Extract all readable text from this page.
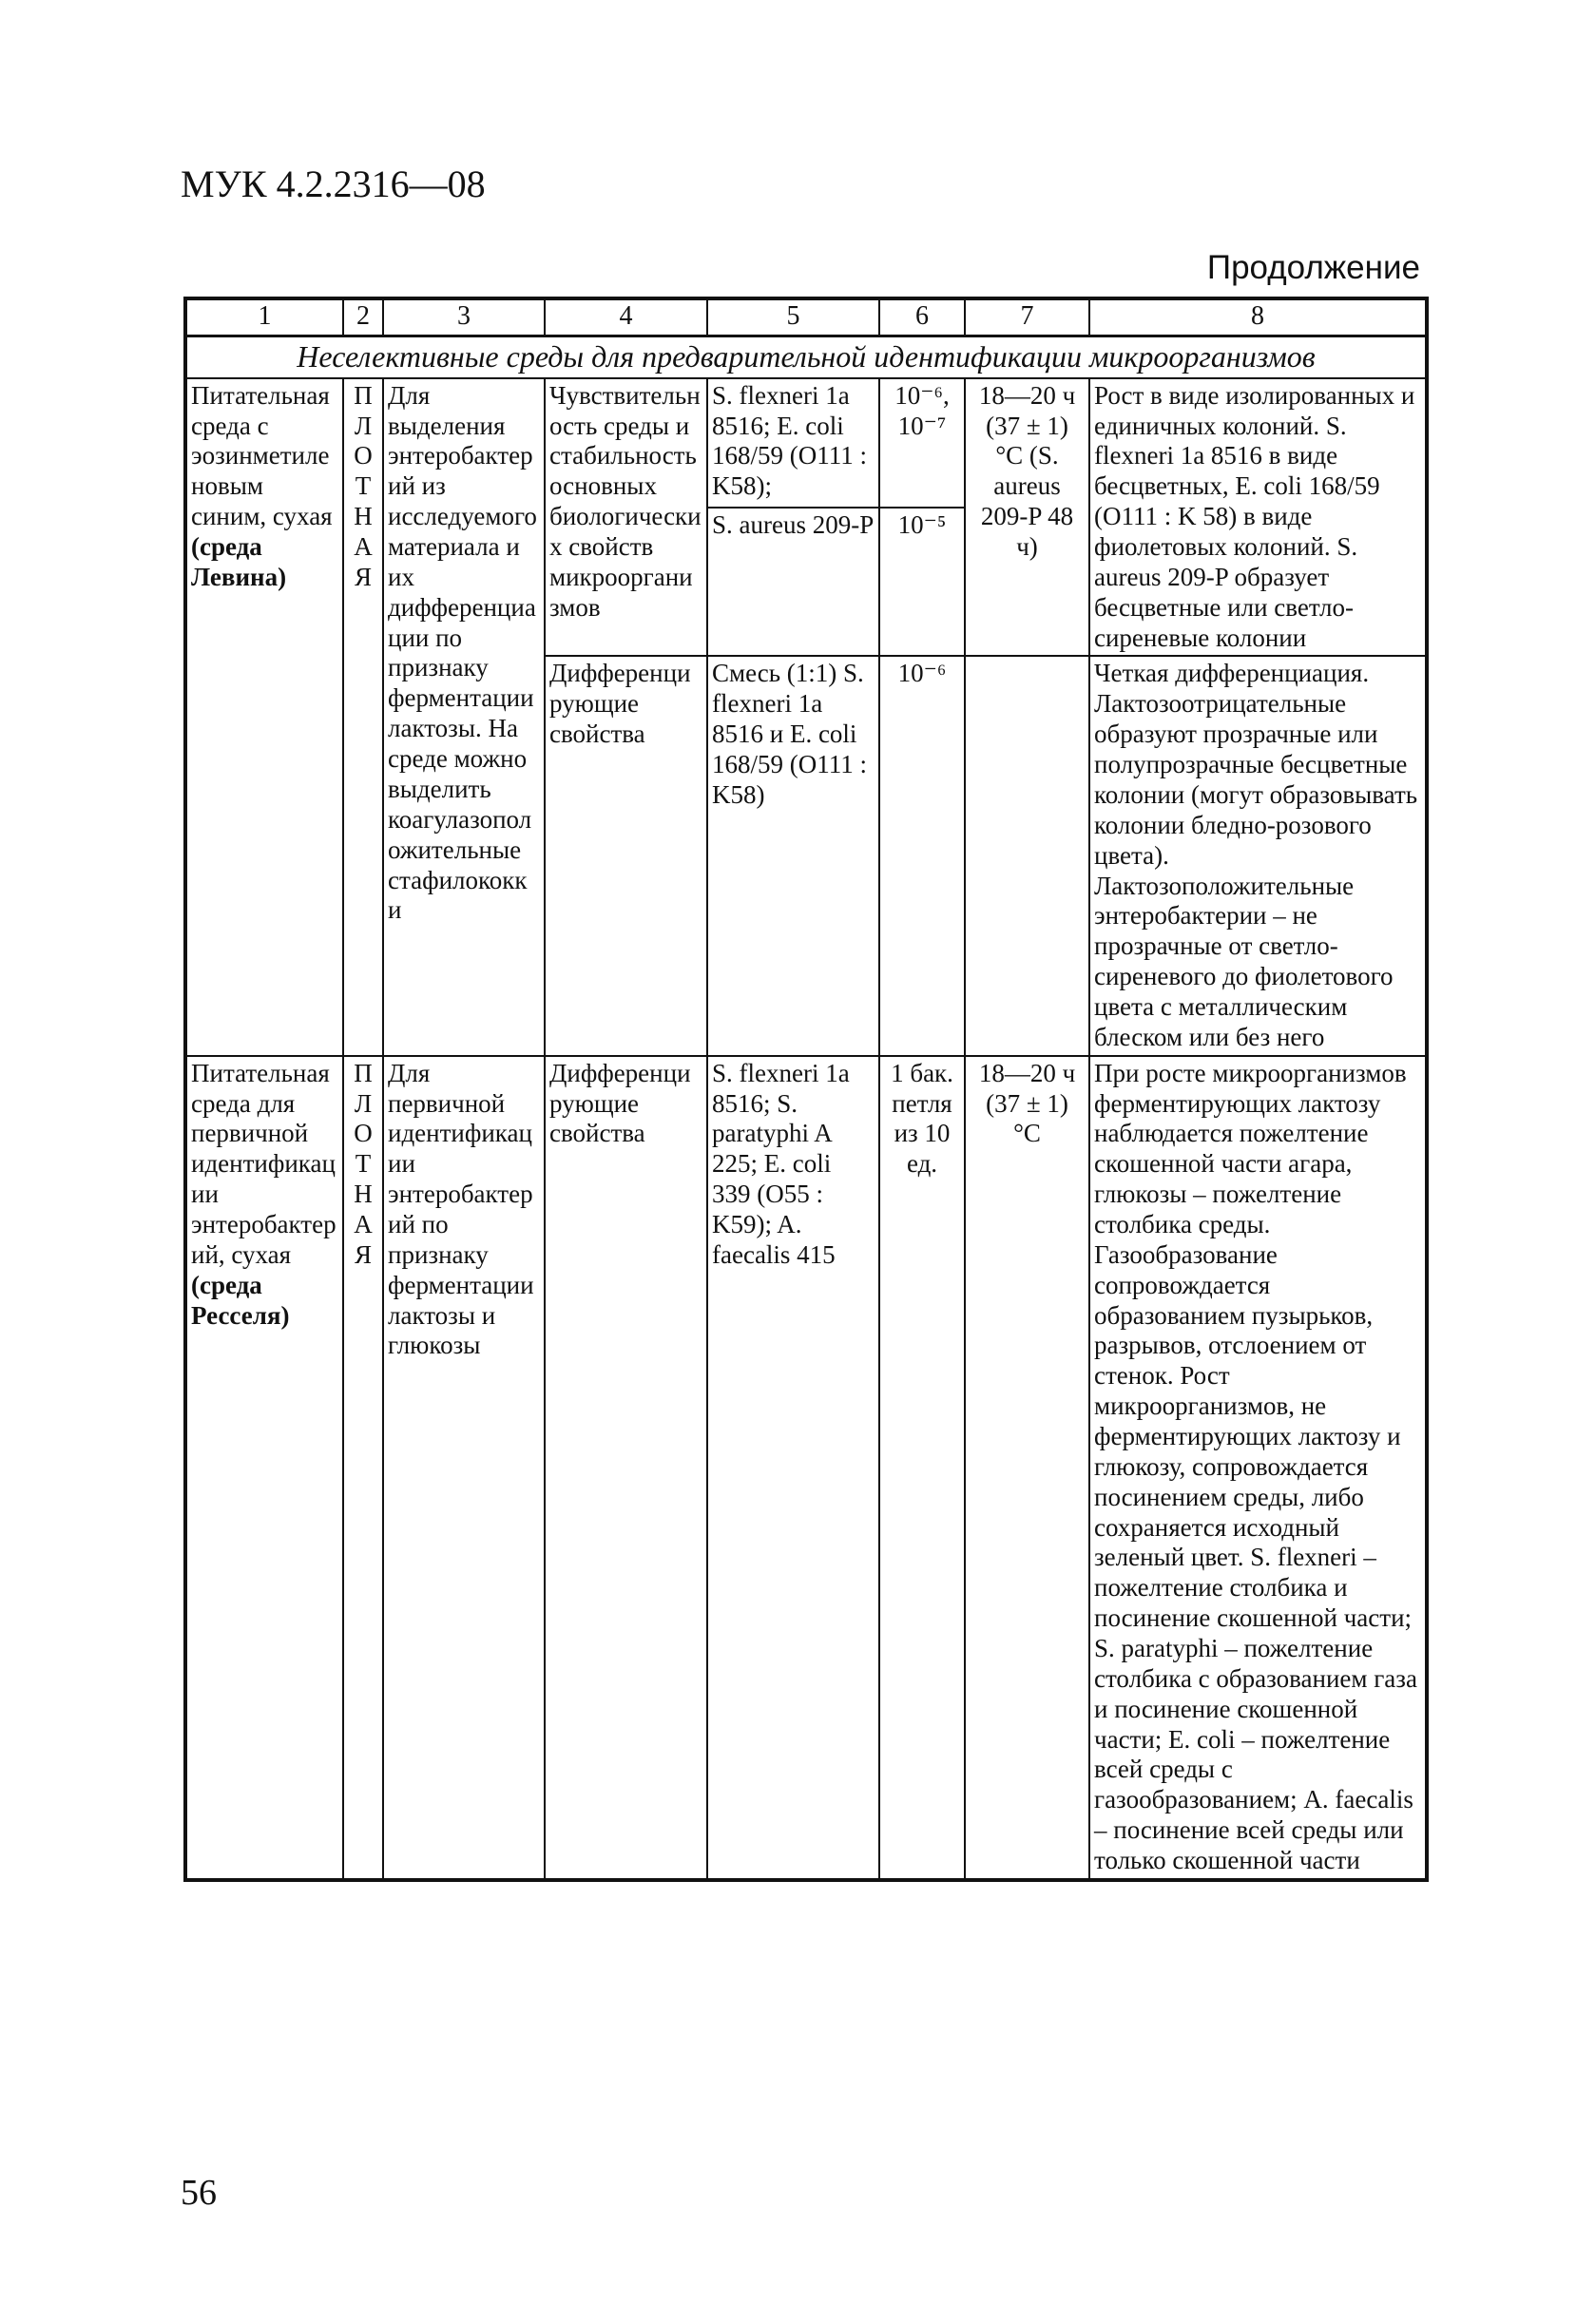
МУК 4.2.2316—08
Продолжение
1	2	3	4	5	6	7	8
Неселективные среды для предварительной идентификации микроорганизмов							
Питательная среда с эозинметиленовым синим, сухая (среда Левина)	П Л О Т Н А Я	Для выделения энтеробактерий из исследуемого материала и их дифференциации по признаку ферментации лактозы. На среде можно выделить коагулазоположительные стафилококки	Чувствительность среды и стабильность основных биологических свойств микроорганизмов	S. flexneri 1a 8516; E. coli 168/59 (O111 : K58);	10⁻⁶, 10⁻⁷	18—20 ч (37 ± 1) °С (S. aureus 209-P 48 ч)	Рост в виде изолированных и единичных колоний. S. flexneri 1a 8516 в виде бесцветных, E. coli 168/59 (O111 : K 58) в виде фиолетовых колоний. S. aureus 209-P образует бесцветные или светло-сиреневые колонии
				S. aureus 209-P	10⁻⁵		
			Дифференцирующие свойства	Смесь (1:1) S. flexneri 1a 8516 и E. coli 168/59 (O111 : K58)	10⁻⁶		Четкая дифференциация. Лактозоотрицательные образуют прозрачные или полупрозрачные бесцветные колонии (могут образовывать колонии бледно-розового цвета). Лактозоположительные энтеробактерии – не прозрачные от светло-сиреневого до фиолетового цвета с металлическим блеском или без него
Питательная среда для первичной идентификации энтеробактерий, сухая (среда Ресселя)	П Л О Т Н А Я	Для первичной идентификации энтеробактерий по признаку ферментации лактозы и глюкозы	Дифференцирующие свойства	S. flexneri 1a 8516; S. paratyphi A 225; E. coli 339 (O55 : K59); A. faecalis 415	1 бак. петля из 10 ед.	18—20 ч (37 ± 1) °С	При росте микроорганизмов ферментирующих лактозу наблюдается пожелтение скошенной части агара, глюкозы – пожелтение столбика среды. Газообразование сопровождается образованием пузырьков, разрывов, отслоением от стенок. Рост микроорганизмов, не ферментирующих лактозу и глюкозу, сопровождается посинением среды, либо сохраняется исходный зеленый цвет. S. flexneri – пожелтение столбика и посинение скошенной части; S. paratyphi – пожелтение столбика с образованием газа и посинение скошенной части; E. coli – пожелтение всей среды с газообразованием; A. faecalis – посинение всей среды или только скошенной части
56
